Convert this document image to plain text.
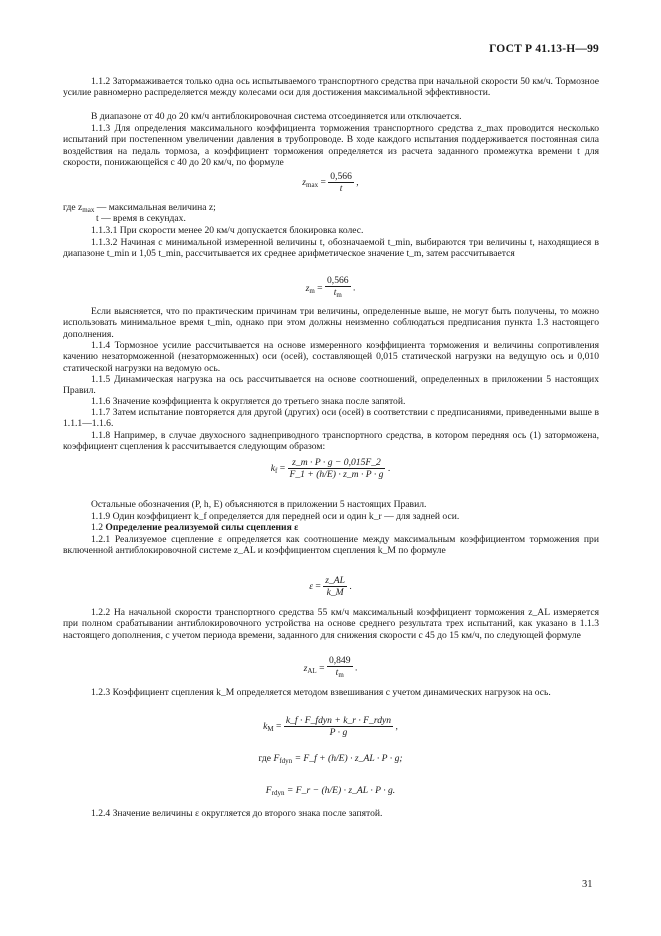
ГОСТ Р 41.13-Н—99

1.1.2 Затормаживается только одна ось испытываемого транспортного средства при начальной скорости 50 км/ч. Тормозное усилие равномерно распределяется между колесами оси для достижения максимальной эффективности.

В диапазоне от 40 до 20 км/ч антиблокировочная система отсоединяется или отключается.

1.1.3 Для определения максимального коэффициента торможения транспортного средства z_max проводится несколько испытаний при постепенном увеличении давления в трубопроводе. В ходе каждого испытания поддерживается постоянная сила воздействия на педаль тормоза, а коэффициент торможения определяется из расчета заданного промежутка времени t для скорости, понижающейся с 40 до 20 км/ч, по формуле

$z_{max} = \frac{0,566}{t}$ ,
где $z_{max}$ — максимальная величина z;
t — время в секундах.

1.1.3.1 При скорости менее 20 км/ч допускается блокировка колес.

1.1.3.2 Начиная с минимальной измеренной величины t, обозначаемой t_min, выбираются три величины t, находящиеся в диапазоне t_min и 1,05 t_min, рассчитывается их среднее арифметическое значение t_m, затем рассчитывается

$z_m = \frac{0,566}{t_m}$ .

Если выясняется, что по практическим причинам три величины, определенные выше, не могут быть получены, то можно использовать минимальное время t_min, однако при этом должны неизменно соблюдаться предписания пункта 1.3 настоящего дополнения.

1.1.4 Тормозное усилие рассчитывается на основе измеренного коэффициента торможения и величины сопротивления качению незаторможенной (незаторможенных) оси (осей), составляющей 0,015 статической нагрузки на ведущую ось и 0,010 статической нагрузки на ведомую ось.

1.1.5 Динамическая нагрузка на ось рассчитывается на основе соотношений, определенных в приложении 5 настоящих Правил.

1.1.6 Значение коэффициента k округляется до третьего знака после запятой.

1.1.7 Затем испытание повторяется для другой (других) оси (осей) в соответствии с предписаниями, приведенными выше в 1.1.1—1.1.6.

1.1.8 Например, в случае двухосного заднеприводного транспортного средства, в котором передняя ось (1) заторможена, коэффициент сцепления k рассчитывается следующим образом:

$k_f = \frac{z\_m \cdot P \cdot g - 0,015F\_2}{F\_1 + (h/E) \cdot z\_m \cdot P \cdot g}$ .

Остальные обозначения (P, h, E) объясняются в приложении 5 настоящих Правил.

1.1.9 Один коэффициент k_f определяется для передней оси и один k_r — для задней оси.

1.2 Определение реализуемой силы сцепления ε

1.2.1 Реализуемое сцепление ε определяется как соотношение между максимальным коэффициентом торможения при включенной антиблокировочной системе z_AL и коэффициентом сцепления k_M по формуле

$\varepsilon = \frac{z\_AL}{k\_M}$ .

1.2.2 На начальной скорости транспортного средства 55 км/ч максимальный коэффициент торможения z_AL измеряется при полном срабатывании антиблокировочного устройства на основе среднего результата трех испытаний, как указано в 1.1.3 настоящего дополнения, с учетом периода времени, заданного для снижения скорости с 45 до 15 км/ч, по следующей формуле

$z_{AL} = \frac{0,849}{t_m}$ .

1.2.3 Коэффициент сцепления k_M определяется методом взвешивания с учетом динамических нагрузок на ось.

$k_M = \frac{\text{k\_f · F\_fdyn + k\_r · F\_rdyn}}{P \cdot g}$ ,
где $F_{fdyn}$ = F_f + (h/E) · z_AL · P · g;
$F_{rdyn}$ = F_r − (h/E) · z_AL · P · g.

1.2.4 Значение величины ε округляется до второго знака после запятой.

31
